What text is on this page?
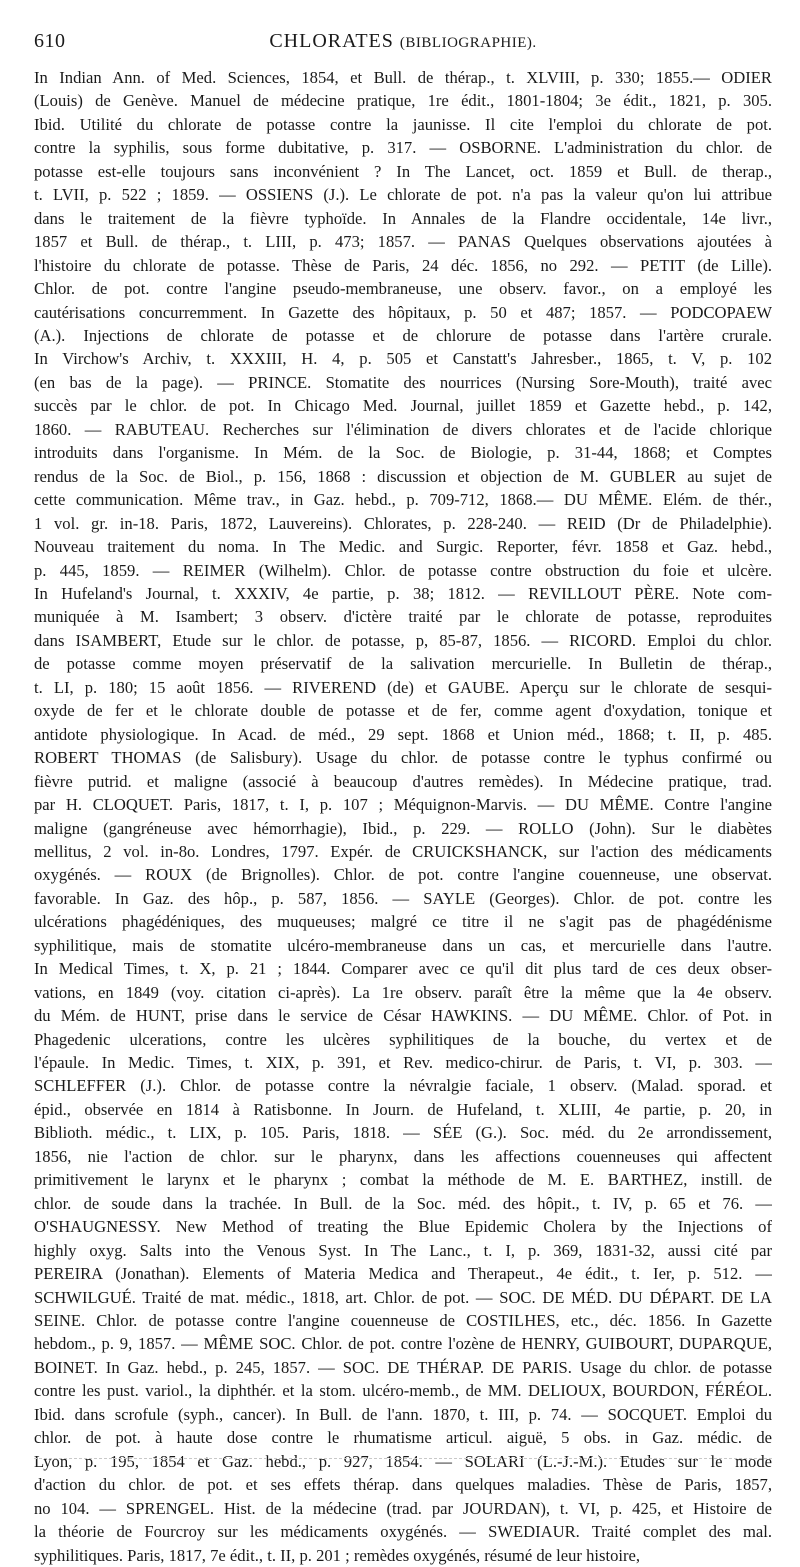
610	CHLORATES (BIBLIOGRAPHIE).
In Indian Ann. of Med. Sciences, 1854, et Bull. de thérap., t. XLVIII, p. 330; 1855.— ODIER
(Louis) de Genève. Manuel de médecine pratique, 1re édit., 1801-1804; 3e édit., 1821, p. 305.
Ibid. Utilité du chlorate de potasse contre la jaunisse. Il cite l'emploi du chlorate de pot.
contre la syphilis, sous forme dubitative, p. 317. — OSBORNE. L'administration du chlor. de
potasse est-elle toujours sans inconvénient ? In The Lancet, oct. 1859 et Bull. de therap.,
t. LVII, p. 522 ; 1859. — OSSIENS (J.). Le chlorate de pot. n'a pas la valeur qu'on lui attribue
dans le traitement de la fièvre typhoïde. In Annales de la Flandre occidentale, 14e livr.,
1857 et Bull. de thérap., t. LIII, p. 473; 1857. — PANAS Quelques observations ajoutées à
l'histoire du chlorate de potasse. Thèse de Paris, 24 déc. 1856, no 292. — PETIT (de Lille).
Chlor. de pot. contre l'angine pseudo-membraneuse, une observ. favor., on a employé les
cautérisations concurremment. In Gazette des hôpitaux, p. 50 et 487; 1857. — PODCOPAEW
(A.). Injections de chlorate de potasse et de chlorure de potasse dans l'artère crurale.
In Virchow's Archiv, t. XXXIII, H. 4, p. 505 et Canstatt's Jahresber., 1865, t. V, p. 102
(en bas de la page). — PRINCE. Stomatite des nourrices (Nursing Sore-Mouth), traité avec
succès par le chlor. de pot. In Chicago Med. Journal, juillet 1859 et Gazette hebd., p. 142,
1860. — RABUTEAU. Recherches sur l'élimination de divers chlorates et de l'acide chlorique
introduits dans l'organisme. In Mém. de la Soc. de Biologie, p. 31-44, 1868; et Comptes
rendus de la Soc. de Biol., p. 156, 1868 : discussion et objection de M. GUBLER au sujet de
cette communication. Même trav., in Gaz. hebd., p. 709-712, 1868.— DU MÊME. Elém. de thér.,
1 vol. gr. in-18. Paris, 1872, Lauvereins). Chlorates, p. 228-240. — REID (Dr de Philadelphie).
Nouveau traitement du noma. In The Medic. and Surgic. Reporter, févr. 1858 et Gaz. hebd.,
p. 445, 1859. — REIMER (Wilhelm). Chlor. de potasse contre obstruction du foie et ulcère.
In Hufeland's Journal, t. XXXIV, 4e partie, p. 38; 1812. — REVILLOUT PÈRE. Note com-
muniquée à M. Isambert; 3 observ. d'ictère traité par le chlorate de potasse, reproduites
dans ISAMBERT, Etude sur le chlor. de potasse, p, 85-87, 1856. — RICORD. Emploi du chlor.
de potasse comme moyen préservatif de la salivation mercurielle. In Bulletin de thérap.,
t. LI, p. 180; 15 août 1856. — RIVEREND (de) et GAUBE. Aperçu sur le chlorate de sesqui-
oxyde de fer et le chlorate double de potasse et de fer, comme agent d'oxydation, tonique et
antidote physiologique. In Acad. de méd., 29 sept. 1868 et Union méd., 1868; t. II, p. 485.
ROBERT THOMAS (de Salisbury). Usage du chlor. de potasse contre le typhus confirmé ou
fièvre putrid. et maligne (associé à beaucoup d'autres remèdes). In Médecine pratique, trad.
par H. CLOQUET. Paris, 1817, t. I, p. 107 ; Méquignon-Marvis. — DU MÊME. Contre l'angine
maligne (gangréneuse avec hémorrhagie), Ibid., p. 229. — ROLLO (John). Sur le diabètes
mellitus, 2 vol. in-8o. Londres, 1797. Expér. de CRUICKSHANCK, sur l'action des médicaments
oxygénés. — ROUX (de Brignolles). Chlor. de pot. contre l'angine couenneuse, une observat.
favorable. In Gaz. des hôp., p. 587, 1856. — SAYLE (Georges). Chlor. de pot. contre les
ulcérations phagédéniques, des muqueuses; malgré ce titre il ne s'agit pas de phagédénisme
syphilitique, mais de stomatite ulcéro-membraneuse dans un cas, et mercurielle dans l'autre.
In Medical Times, t. X, p. 21 ; 1844. Comparer avec ce qu'il dit plus tard de ces deux obser-
vations, en 1849 (voy. citation ci-après). La 1re observ. paraît être la même que la 4e observ.
du Mém. de HUNT, prise dans le service de César HAWKINS. — DU MÊME. Chlor. of Pot. in
Phagedenic ulcerations, contre les ulcères syphilitiques de la bouche, du vertex et de
l'épaule. In Medic. Times, t. XIX, p. 391, et Rev. medico-chirur. de Paris, t. VI, p. 303. —
SCHLEFFER (J.). Chlor. de potasse contre la névralgie faciale, 1 observ. (Malad. sporad. et
épid., observée en 1814 à Ratisbonne. In Journ. de Hufeland, t. XLIII, 4e partie, p. 20, in
Biblioth. médic., t. LIX, p. 105. Paris, 1818. — SÉE (G.). Soc. méd. du 2e arrondissement,
1856, nie l'action de chlor. sur le pharynx, dans les affections couenneuses qui affectent
primitivement le larynx et le pharynx ; combat la méthode de M. E. BARTHEZ, instill. de
chlor. de soude dans la trachée. In Bull. de la Soc. méd. des hôpit., t. IV, p. 65 et 76. —
O'SHAUGNESSY. New Method of treating the Blue Epidemic Cholera by the Injections of
highly oxyg. Salts into the Venous Syst. In The Lanc., t. I, p. 369, 1831-32, aussi cité par
PEREIRA (Jonathan). Elements of Materia Medica and Therapeut., 4e édit., t. Ier, p. 512. —
SCHWILGUÉ. Traité de mat. médic., 1818, art. Chlor. de pot. — SOC. DE MÉD. DU DÉPART. DE LA
SEINE. Chlor. de potasse contre l'angine couenneuse de COSTILHES, etc., déc. 1856. In Gazette
hebdom., p. 9, 1857. — MÊME SOC. Chlor. de pot. contre l'ozène de HENRY, GUIBOURT, DUPARQUE,
BOINET. In Gaz. hebd., p. 245, 1857. — SOC. DE THÉRAP. DE PARIS. Usage du chlor. de potasse
contre les pust. variol., la diphthér. et la stom. ulcéro-memb., de MM. DELIOUX, BOURDON, FÉRÉOL.
Ibid. dans scrofule (syph., cancer). In Bull. de l'ann. 1870, t. III, p. 74. — SOCQUET. Emploi du
chlor. de pot. à haute dose contre le rhumatisme articul. aiguë, 5 obs. in Gaz. médic. de
Lyon, p. 195, 1854 et Gaz. hebd., p. 927, 1854. — SOLARI (L.-J.-M.). Etudes sur le mode
d'action du chlor. de pot. et ses effets thérap. dans quelques maladies. Thèse de Paris, 1857,
no 104. — SPRENGEL. Hist. de la médecine (trad. par JOURDAN), t. VI, p. 425, et Histoire de
la théorie de Fourcroy sur les médicaments oxygénés. — SWEDIAUR. Traité complet des mal.
syphilitiques. Paris, 1817, 7e édit., t. II, p. 201 ; remèdes oxygénés, résumé de leur histoire,
